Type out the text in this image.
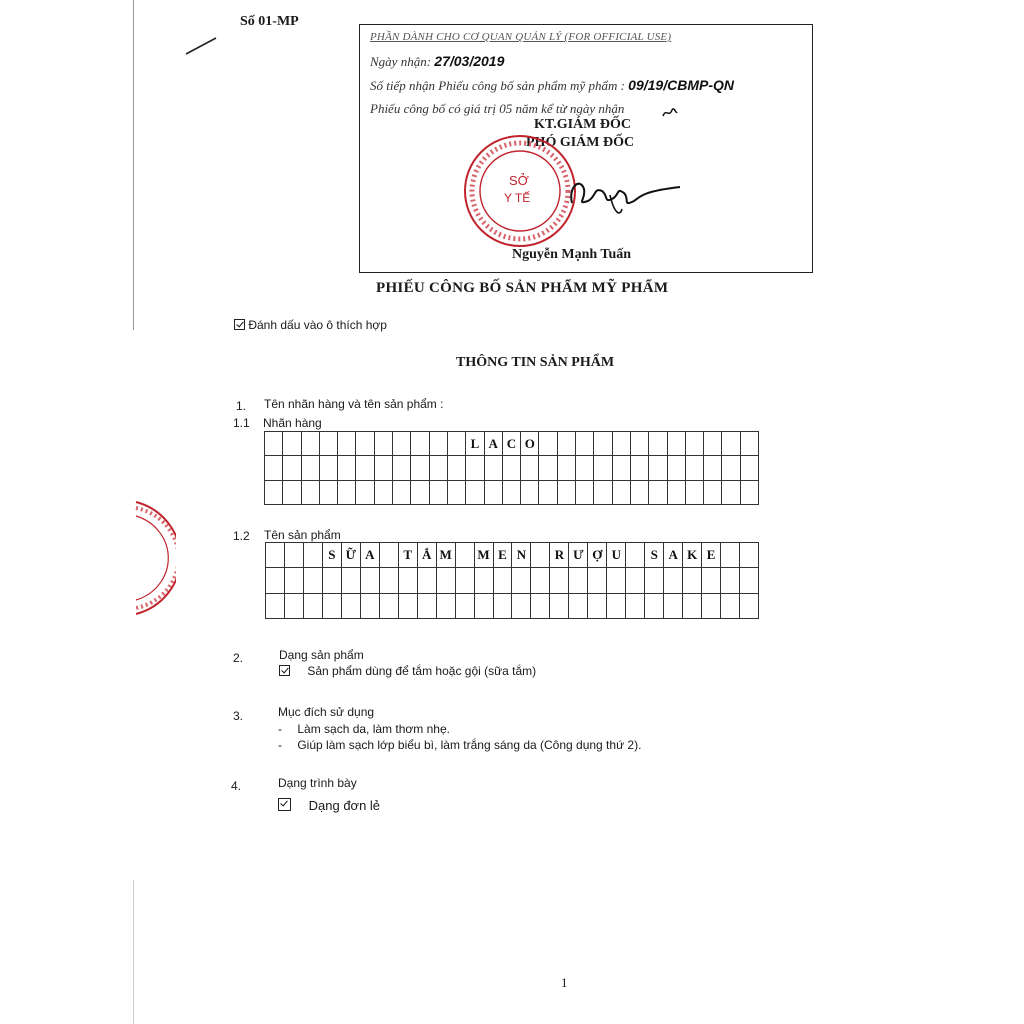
Số 01-MP
PHẦN DÀNH CHO CƠ QUAN QUẢN LÝ (FOR OFFICIAL USE)
Ngày nhận: 27/03/2019
Số tiếp nhận Phiếu công bố sản phẩm mỹ phẩm : 09/19/CBMP-QN
Phiếu công bố có giá trị 05 năm kể từ ngày nhận
KT.GIÁM ĐỐC
PHÓ GIÁM ĐỐC
SỞ
Y TẾ
Nguyễn Mạnh Tuấn
PHIẾU CÔNG BỐ SẢN PHẨM MỸ PHẨM
Đánh dấu vào ô thích hợp
THÔNG TIN SẢN PHẨM
1. Tên nhãn hàng và tên sản phẩm :
1.1 Nhãn hàng
L A C O
1.2 Tên sản phẩm
S Ữ A	T Ắ M M E N	R Ư Ợ U	S A K E
2.	Dạng sản phẩm
Sản phẩm dùng để tắm hoặc gội (sữa tắm)
3.	Mục đích sử dụng
- Làm sạch da, làm thơm nhẹ.
- Giúp làm sạch lớp biểu bì, làm trắng sáng da (Công dụng thứ 2).
4.	Dạng trình bày
Dạng đơn lẻ
1
